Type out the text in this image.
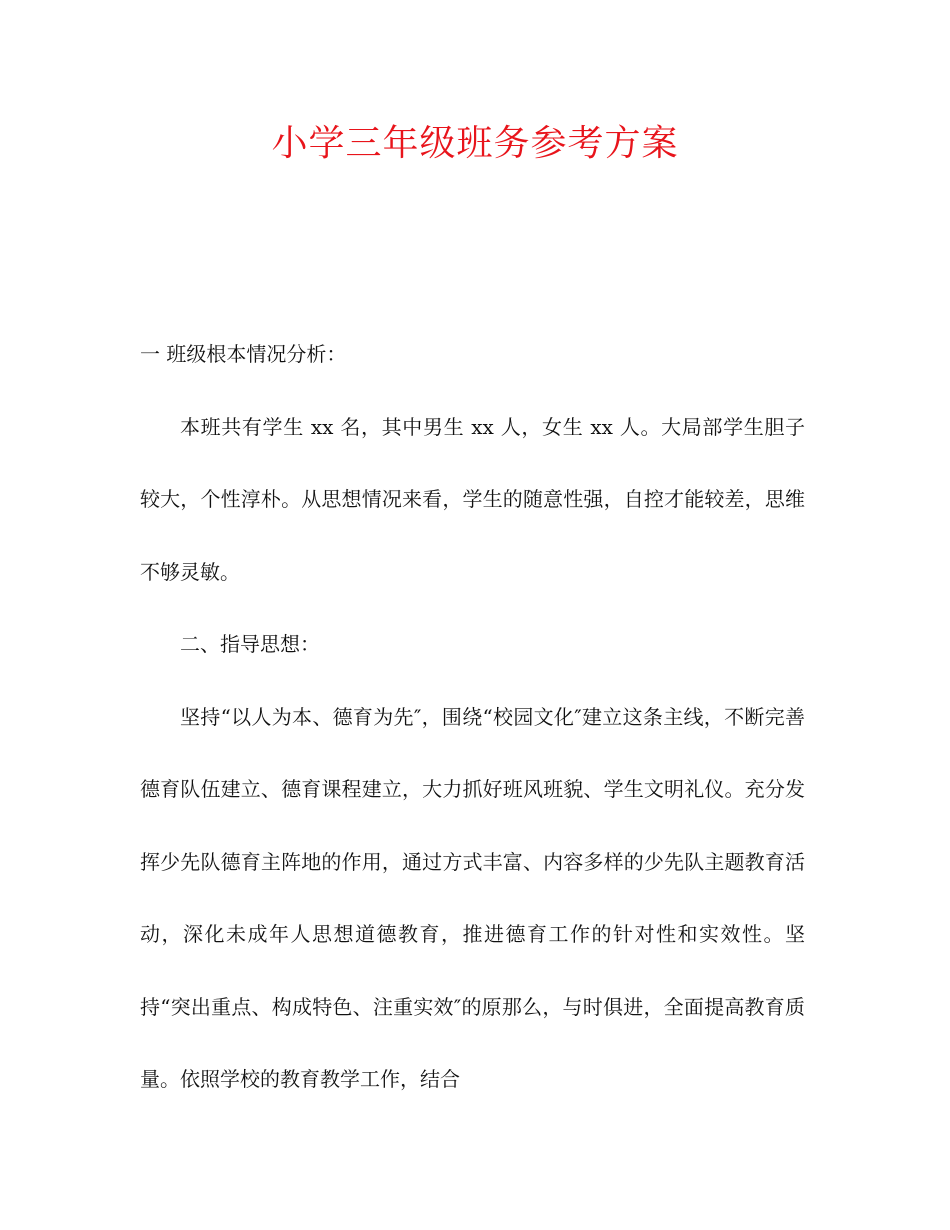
小学三年级班务参考方案

一 班级根本情况分析：

本班共有学生 xx 名，其中男生 xx 人，女生 xx 人。大局部学生胆子较大，个性淳朴。从思想情况来看，学生的随意性强，自控才能较差，思维不够灵敏。

二、指导思想：

坚持“以人为本、德育为先″，围绕“校园文化″建立这条主线，不断完善德育队伍建立、德育课程建立，大力抓好班风班貌、学生文明礼仪。充分发挥少先队德育主阵地的作用，通过方式丰富、内容多样的少先队主题教育活动，深化未成年人思想道德教育，推进德育工作的针对性和实效性。坚持“突出重点、构成特色、注重实效″的原那么，与时俱进，全面提高教育质量。依照学校的教育教学工作，结合
